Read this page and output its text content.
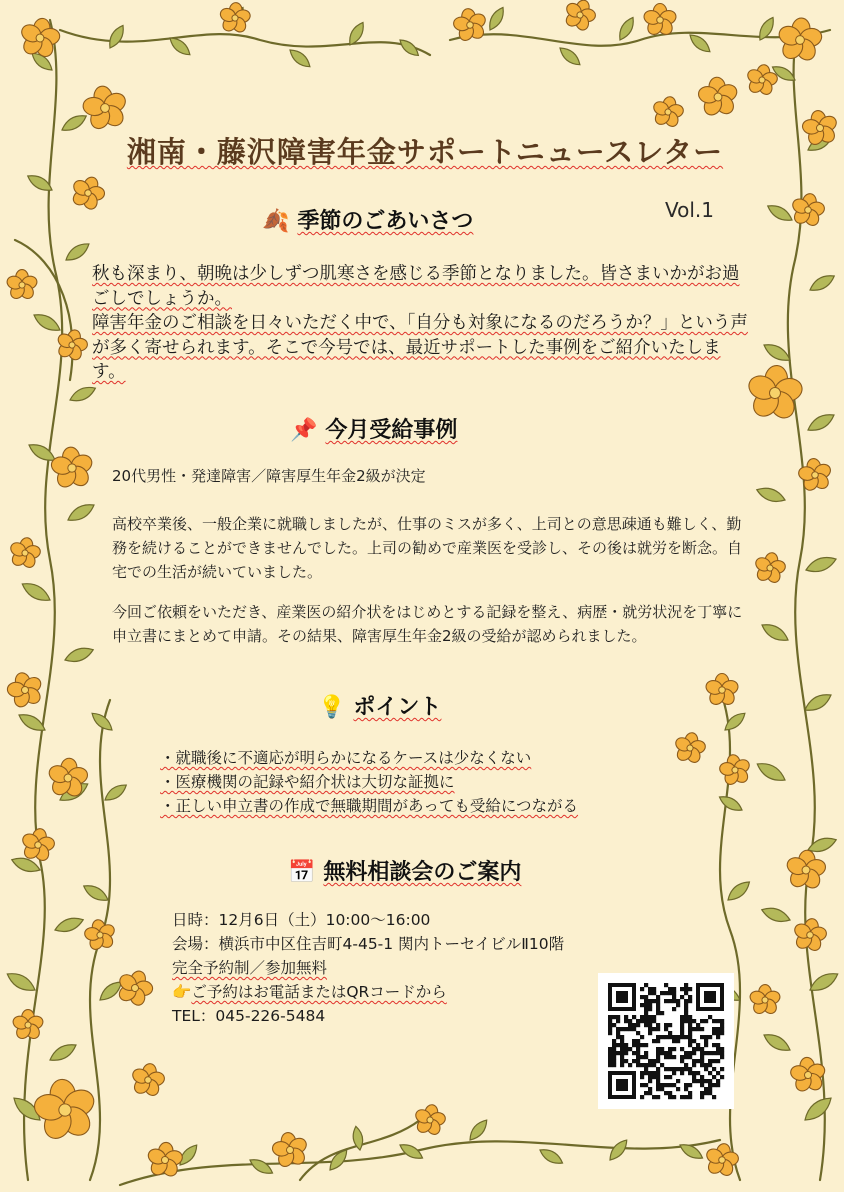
湘南・藤沢障害年金サポートニュースレター
Vol.1
🍂 季節のごあいさつ
秋も深まり、朝晩は少しずつ肌寒さを感じる季節となりました。皆さまいかがお過ごしでしょうか。
障害年金のご相談を日々いただく中で、「自分も対象になるのだろうか？」という声が多く寄せられます。そこで今号では、最近サポートした事例をご紹介いたします。
📌 今月受給事例
20代男性・発達障害／障害厚生年金2級が決定
高校卒業後、一般企業に就職しましたが、仕事のミスが多く、上司との意思疎通も難しく、勤務を続けることができませんでした。上司の勧めで産業医を受診し、その後は就労を断念。自宅での生活が続いていました。
今回ご依頼をいただき、産業医の紹介状をはじめとする記録を整え、病歴・就労状況を丁寧に申立書にまとめて申請。その結果、障害厚生年金2級の受給が認められました。
💡 ポイント
・就職後に不適応が明らかになるケースは少なくない
・医療機関の記録や紹介状は大切な証拠に
・正しい申立書の作成で無職期間があっても受給につながる
📅 無料相談会のご案内
日時：12月6日（土）10:00～16:00
会場：横浜市中区住吉町4-45-1 関内トーセイビルⅡ10階
完全予約制／参加無料
👉ご予約はお電話またはQRコードから
TEL：045-226-5484
